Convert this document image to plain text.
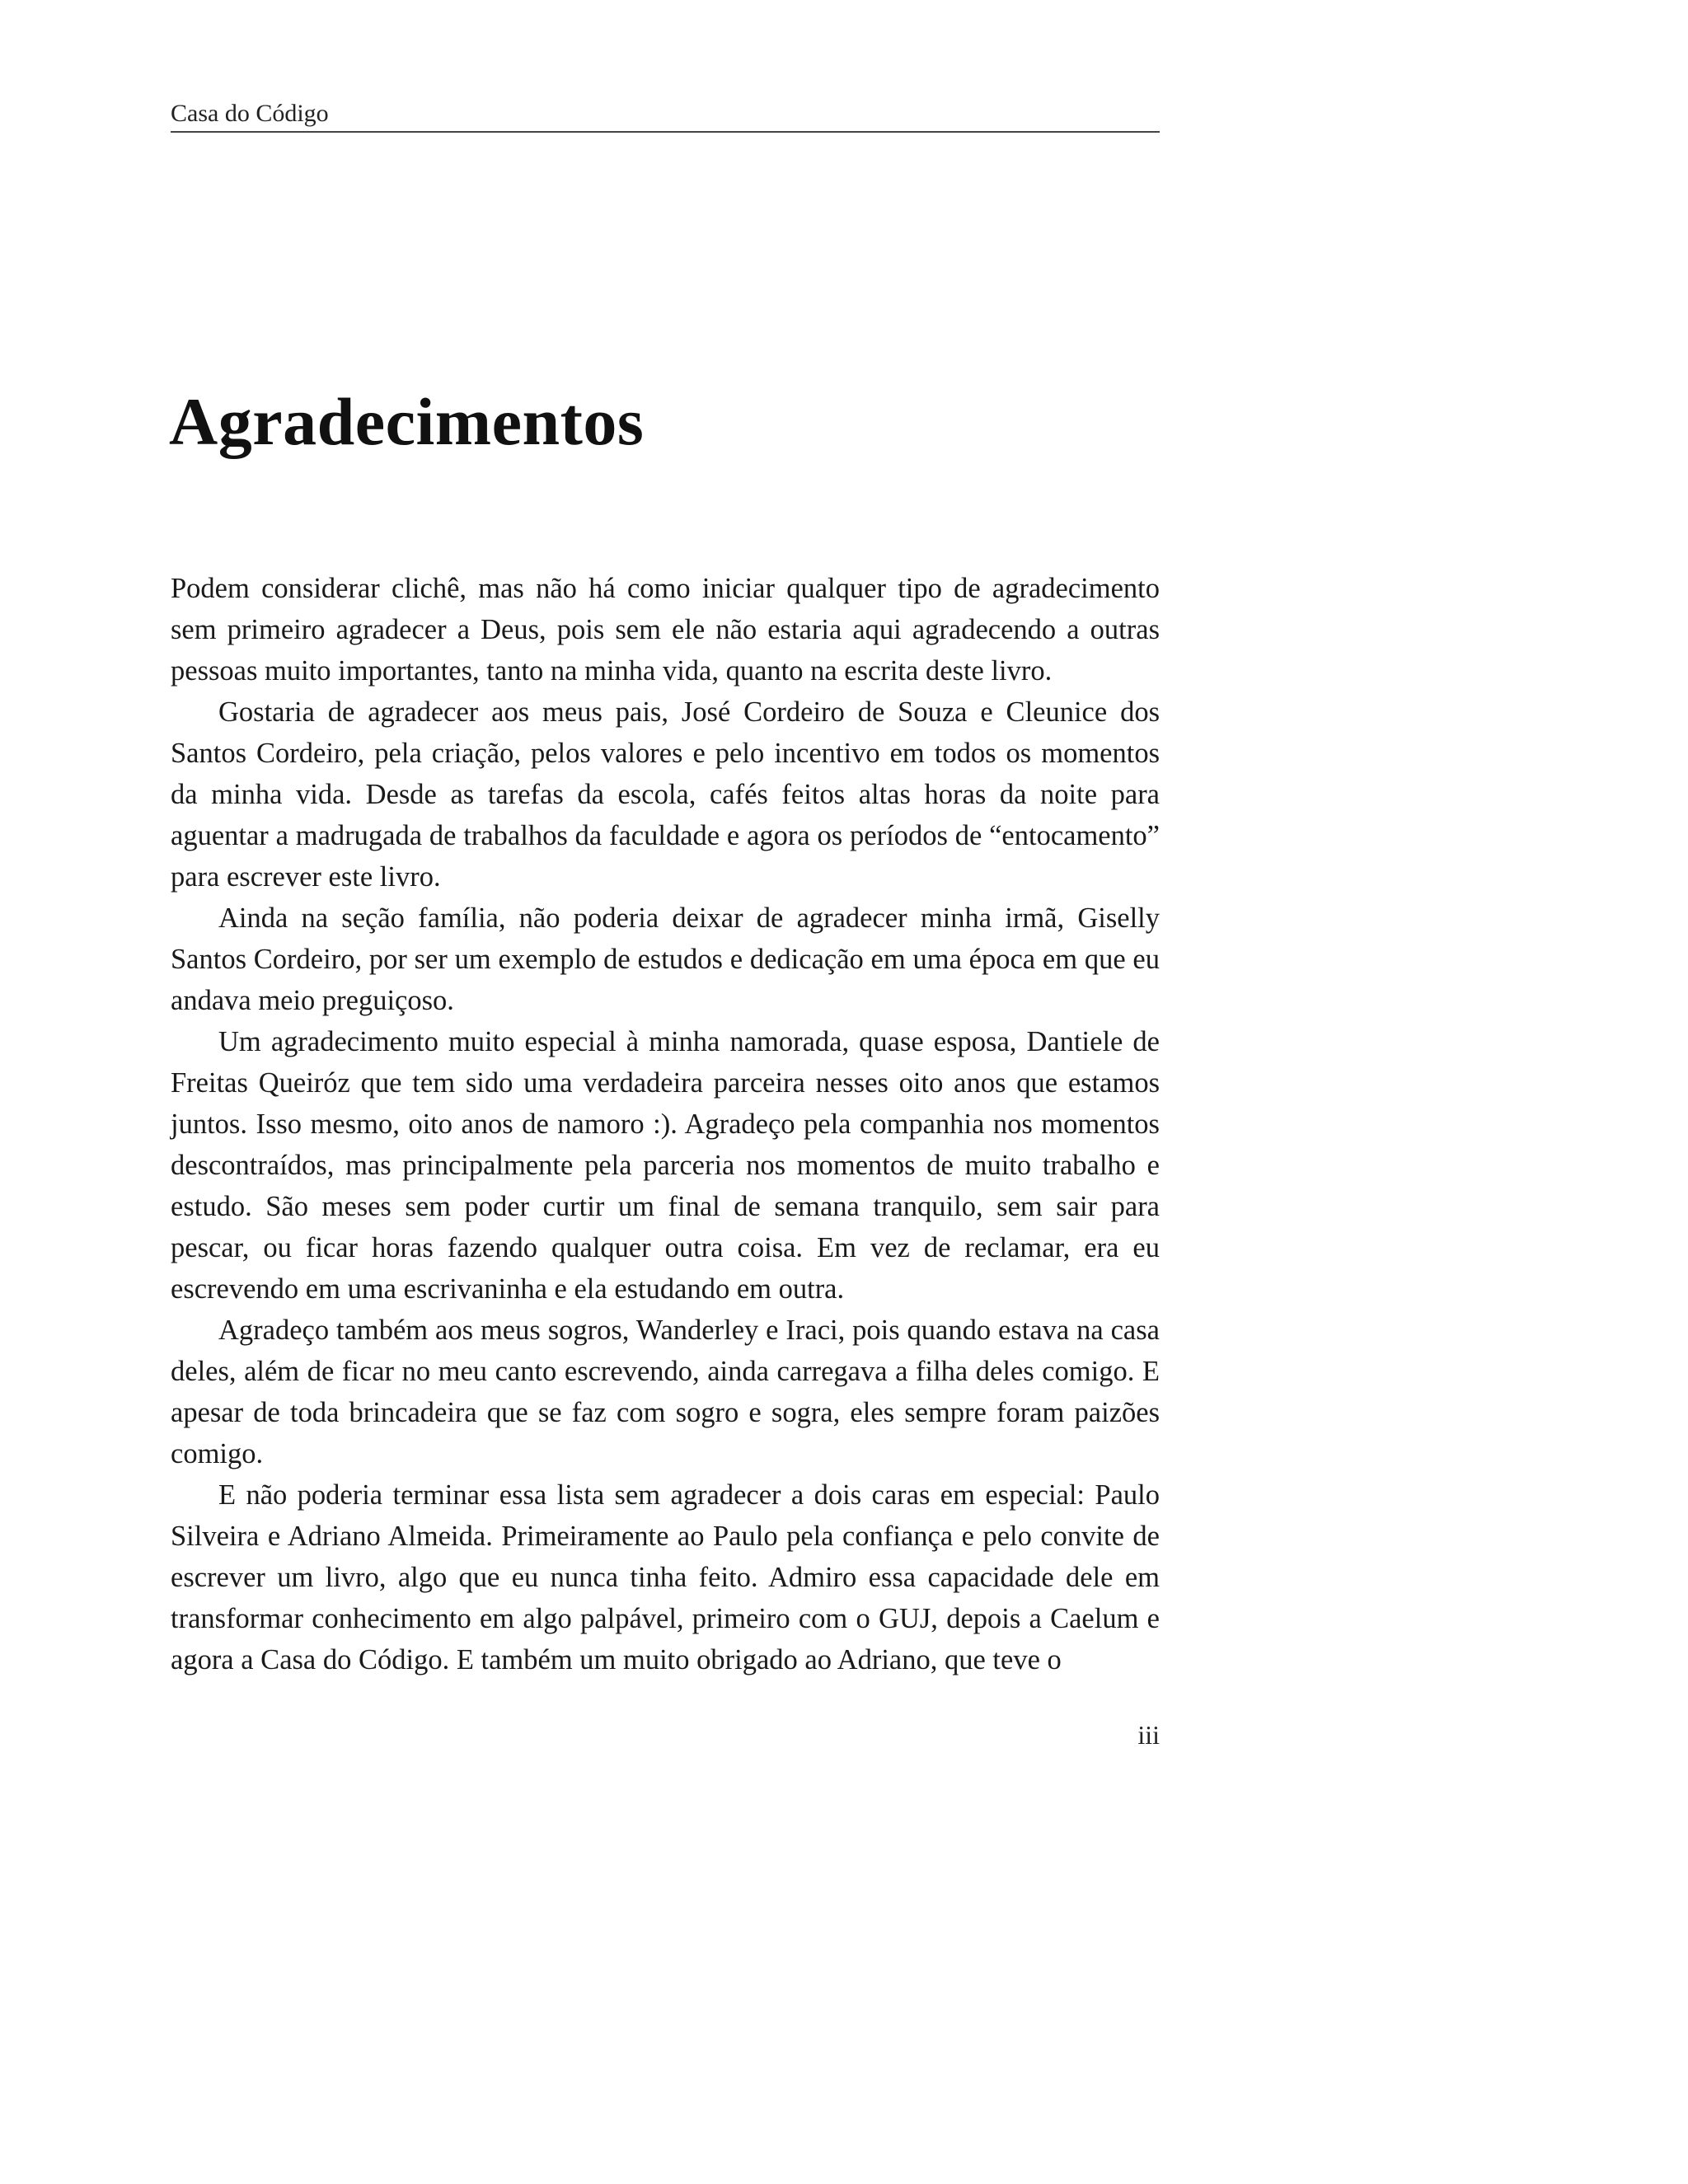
Casa do Código
Agradecimentos

Podem considerar clichê, mas não há como iniciar qualquer tipo de agradecimento sem primeiro agradecer a Deus, pois sem ele não estaria aqui agradecendo a outras pessoas muito importantes, tanto na minha vida, quanto na escrita deste livro.

Gostaria de agradecer aos meus pais, José Cordeiro de Souza e Cleunice dos Santos Cordeiro, pela criação, pelos valores e pelo incentivo em todos os momentos da minha vida. Desde as tarefas da escola, cafés feitos altas horas da noite para aguentar a madrugada de trabalhos da faculdade e agora os períodos de “entocamento” para escrever este livro.

Ainda na seção família, não poderia deixar de agradecer minha irmã, Giselly Santos Cordeiro, por ser um exemplo de estudos e dedicação em uma época em que eu andava meio preguiçoso.

Um agradecimento muito especial à minha namorada, quase esposa, Dantiele de Freitas Queiróz que tem sido uma verdadeira parceira nesses oito anos que estamos juntos. Isso mesmo, oito anos de namoro :). Agradeço pela companhia nos momentos descontraídos, mas principalmente pela parceria nos momentos de muito trabalho e estudo. São meses sem poder curtir um final de semana tranquilo, sem sair para pescar, ou ficar horas fazendo qualquer outra coisa. Em vez de reclamar, era eu escrevendo em uma escrivaninha e ela estudando em outra.

Agradeço também aos meus sogros, Wanderley e Iraci, pois quando estava na casa deles, além de ficar no meu canto escrevendo, ainda carregava a filha deles comigo. E apesar de toda brincadeira que se faz com sogro e sogra, eles sempre foram paizões comigo.

E não poderia terminar essa lista sem agradecer a dois caras em especial: Paulo Silveira e Adriano Almeida. Primeiramente ao Paulo pela confiança e pelo convite de escrever um livro, algo que eu nunca tinha feito. Admiro essa capacidade dele em transformar conhecimento em algo palpável, primeiro com o GUJ, depois a Caelum e agora a Casa do Código. E também um muito obrigado ao Adriano, que teve o

iii
